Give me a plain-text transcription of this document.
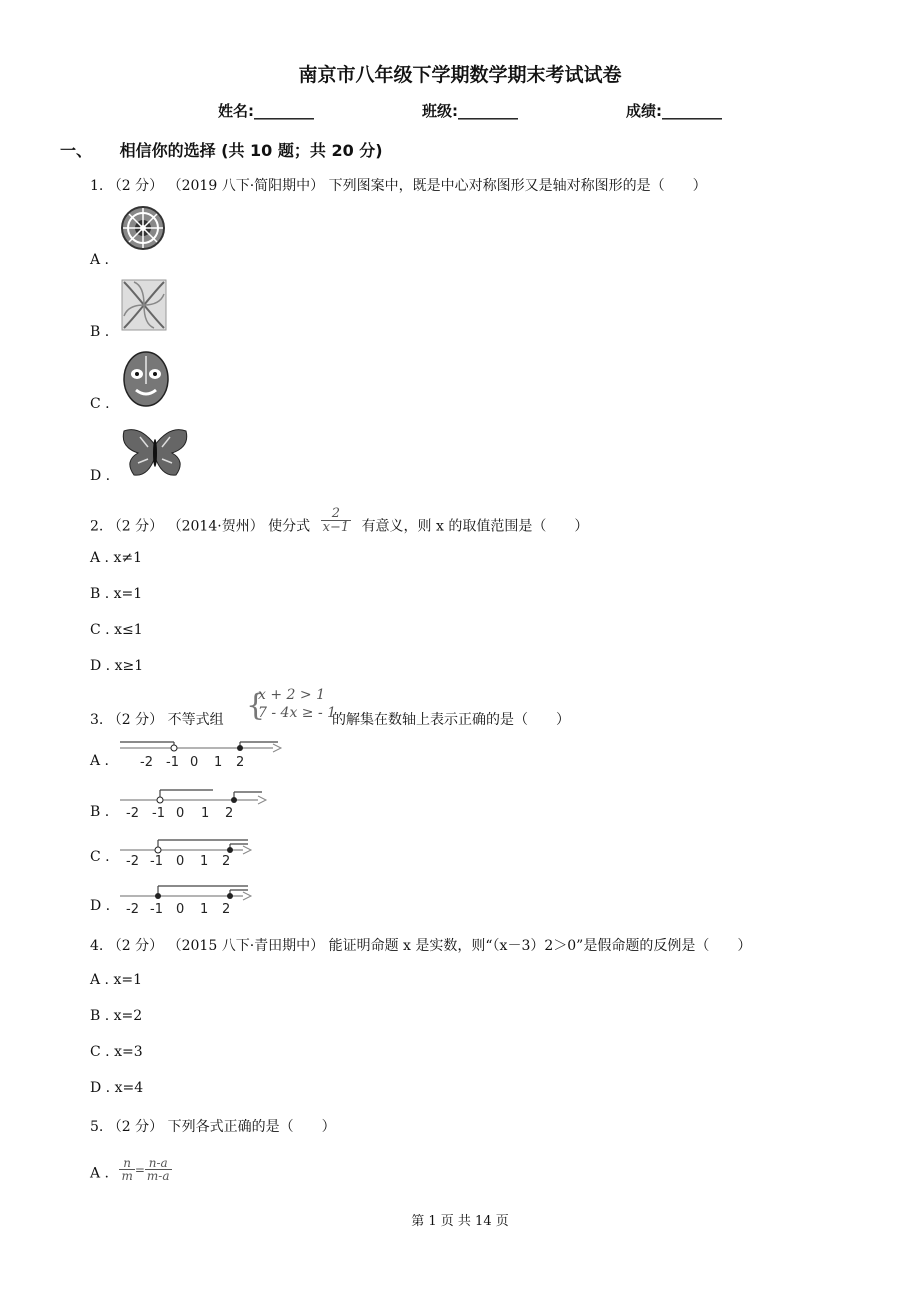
南京市八年级下学期数学期末考试试卷
姓名:________	班级:________	成绩:________
一、 相信你的选择 (共 10 题；共 20 分)
1. （2 分） （2019 八下·简阳期中） 下列图案中，既是中心对称图形又是轴对称图形的是（　　）
A .
B .
C .
D .
2. （2 分） （2014·贺州） 使分式 $\frac{2}{x-1}$ 有意义，则 x 的取值范围是（　　）
A . x≠1
B . x=1
C . x≤1
D . x≥1
3. （2 分） 不等式组 {
x + 2 > 1
7 - 4x ≥ - 1
的解集在数轴上表示正确的是（　　）
A . -2 -1 0 1 2
B . -2 -1 0 1 2
C . -2 -1 0 1 2
D . -2 -1 0 1 2
4. （2 分） （2015 八下·青田期中） 能证明命题 x 是实数，则“（x－3）2＞0”是假命题的反例是（　　）
A . x=1
B . x=2
C . x=3
D . x=4
5. （2 分） 下列各式正确的是（　　）
A . $\frac{n}{m} = \frac{n-a}{m-a}$
第 1 页 共 14 页
